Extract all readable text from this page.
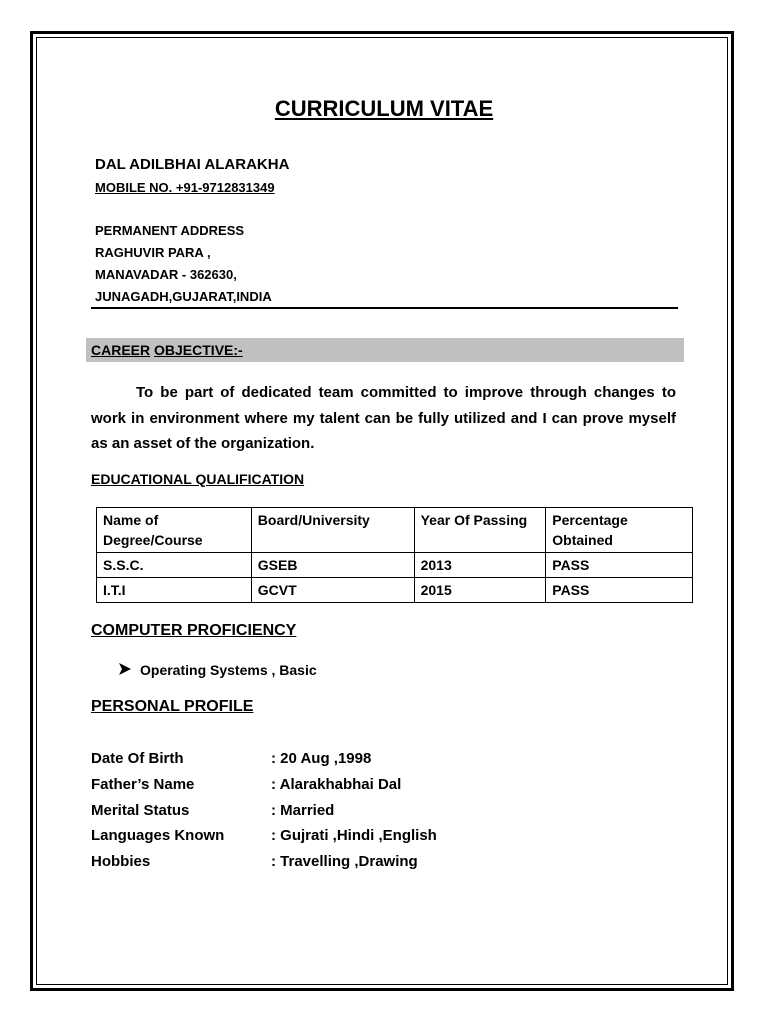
CURRICULUM VITAE
DAL ADILBHAI ALARAKHA
MOBILE NO. +91-9712831349
PERMANENT ADDRESS
RAGHUVIR PARA ,
MANAVADAR - 362630,
JUNAGADH,GUJARAT,INDIA
CAREER OBJECTIVE:-
To be part of dedicated team committed to improve through changes to work in environment where my talent can be fully utilized and I can prove myself as an asset of the organization.
EDUCATIONAL QUALIFICATION
Name of Degree/Course	Board/University	Year Of Passing	Percentage Obtained
S.S.C.	GSEB	2013	PASS
I.T.I	GCVT	2015	PASS
COMPUTER PROFICIENCY
Operating Systems , Basic
PERSONAL PROFILE
Date Of Birth	: 20 Aug ,1998
Father’s Name	: Alarakhabhai Dal
Merital Status	: Married
Languages Known	: Gujrati ,Hindi ,English
Hobbies	: Travelling ,Drawing
